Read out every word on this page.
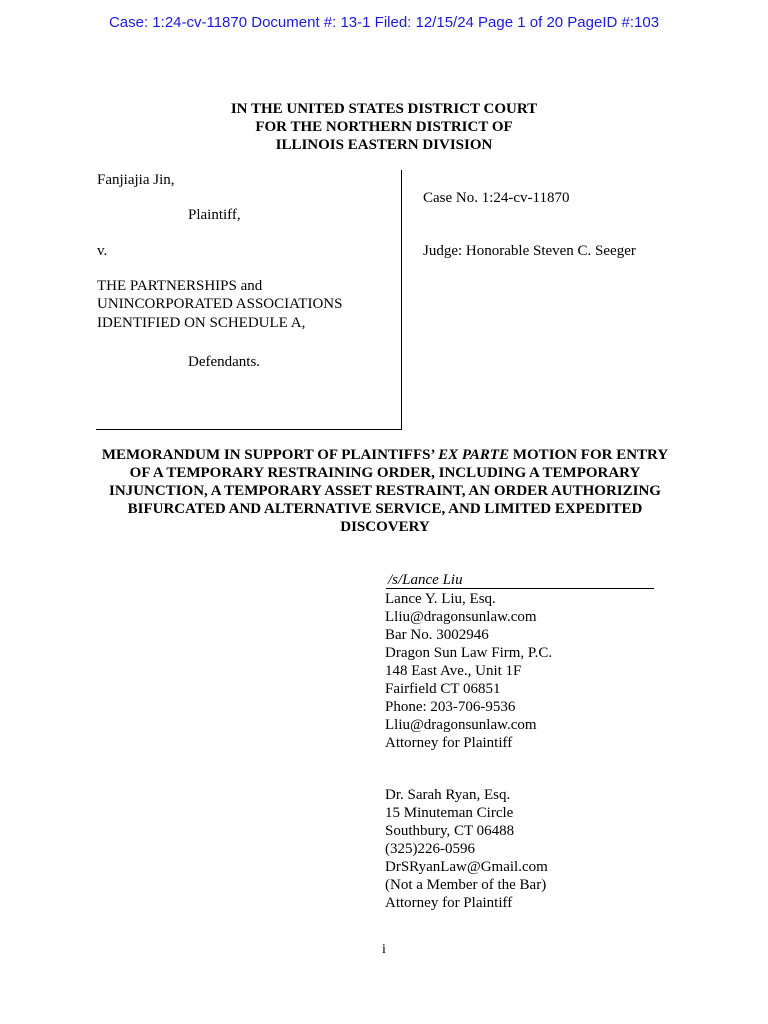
Case: 1:24-cv-11870 Document #: 13-1 Filed: 12/15/24 Page 1 of 20 PageID #:103
IN THE UNITED STATES DISTRICT COURT
FOR THE NORTHERN DISTRICT OF
ILLINOIS EASTERN DIVISION
Fanjiajia Jin,
Plaintiff,
v.
THE PARTNERSHIPS and
UNINCORPORATED ASSOCIATIONS
IDENTIFIED ON SCHEDULE A,
Defendants.
Case No. 1:24-cv-11870
Judge: Honorable Steven C. Seeger
MEMORANDUM IN SUPPORT OF PLAINTIFFS’ EX PARTE MOTION FOR ENTRY OF A TEMPORARY RESTRAINING ORDER, INCLUDING A TEMPORARY INJUNCTION, A TEMPORARY ASSET RESTRAINT, AN ORDER AUTHORIZING BIFURCATED AND ALTERNATIVE SERVICE, AND LIMITED EXPEDITED DISCOVERY
/s/Lance Liu
Lance Y. Liu, Esq.
Lliu@dragonsunlaw.com
Bar No. 3002946
Dragon Sun Law Firm, P.C.
148 East Ave., Unit 1F
Fairfield CT 06851
Phone: 203-706-9536
Lliu@dragonsunlaw.com
Attorney for Plaintiff
Dr. Sarah Ryan, Esq.
15 Minuteman Circle
Southbury, CT 06488
(325)226-0596
DrSRyanLaw@Gmail.com
(Not a Member of the Bar)
Attorney for Plaintiff
i
